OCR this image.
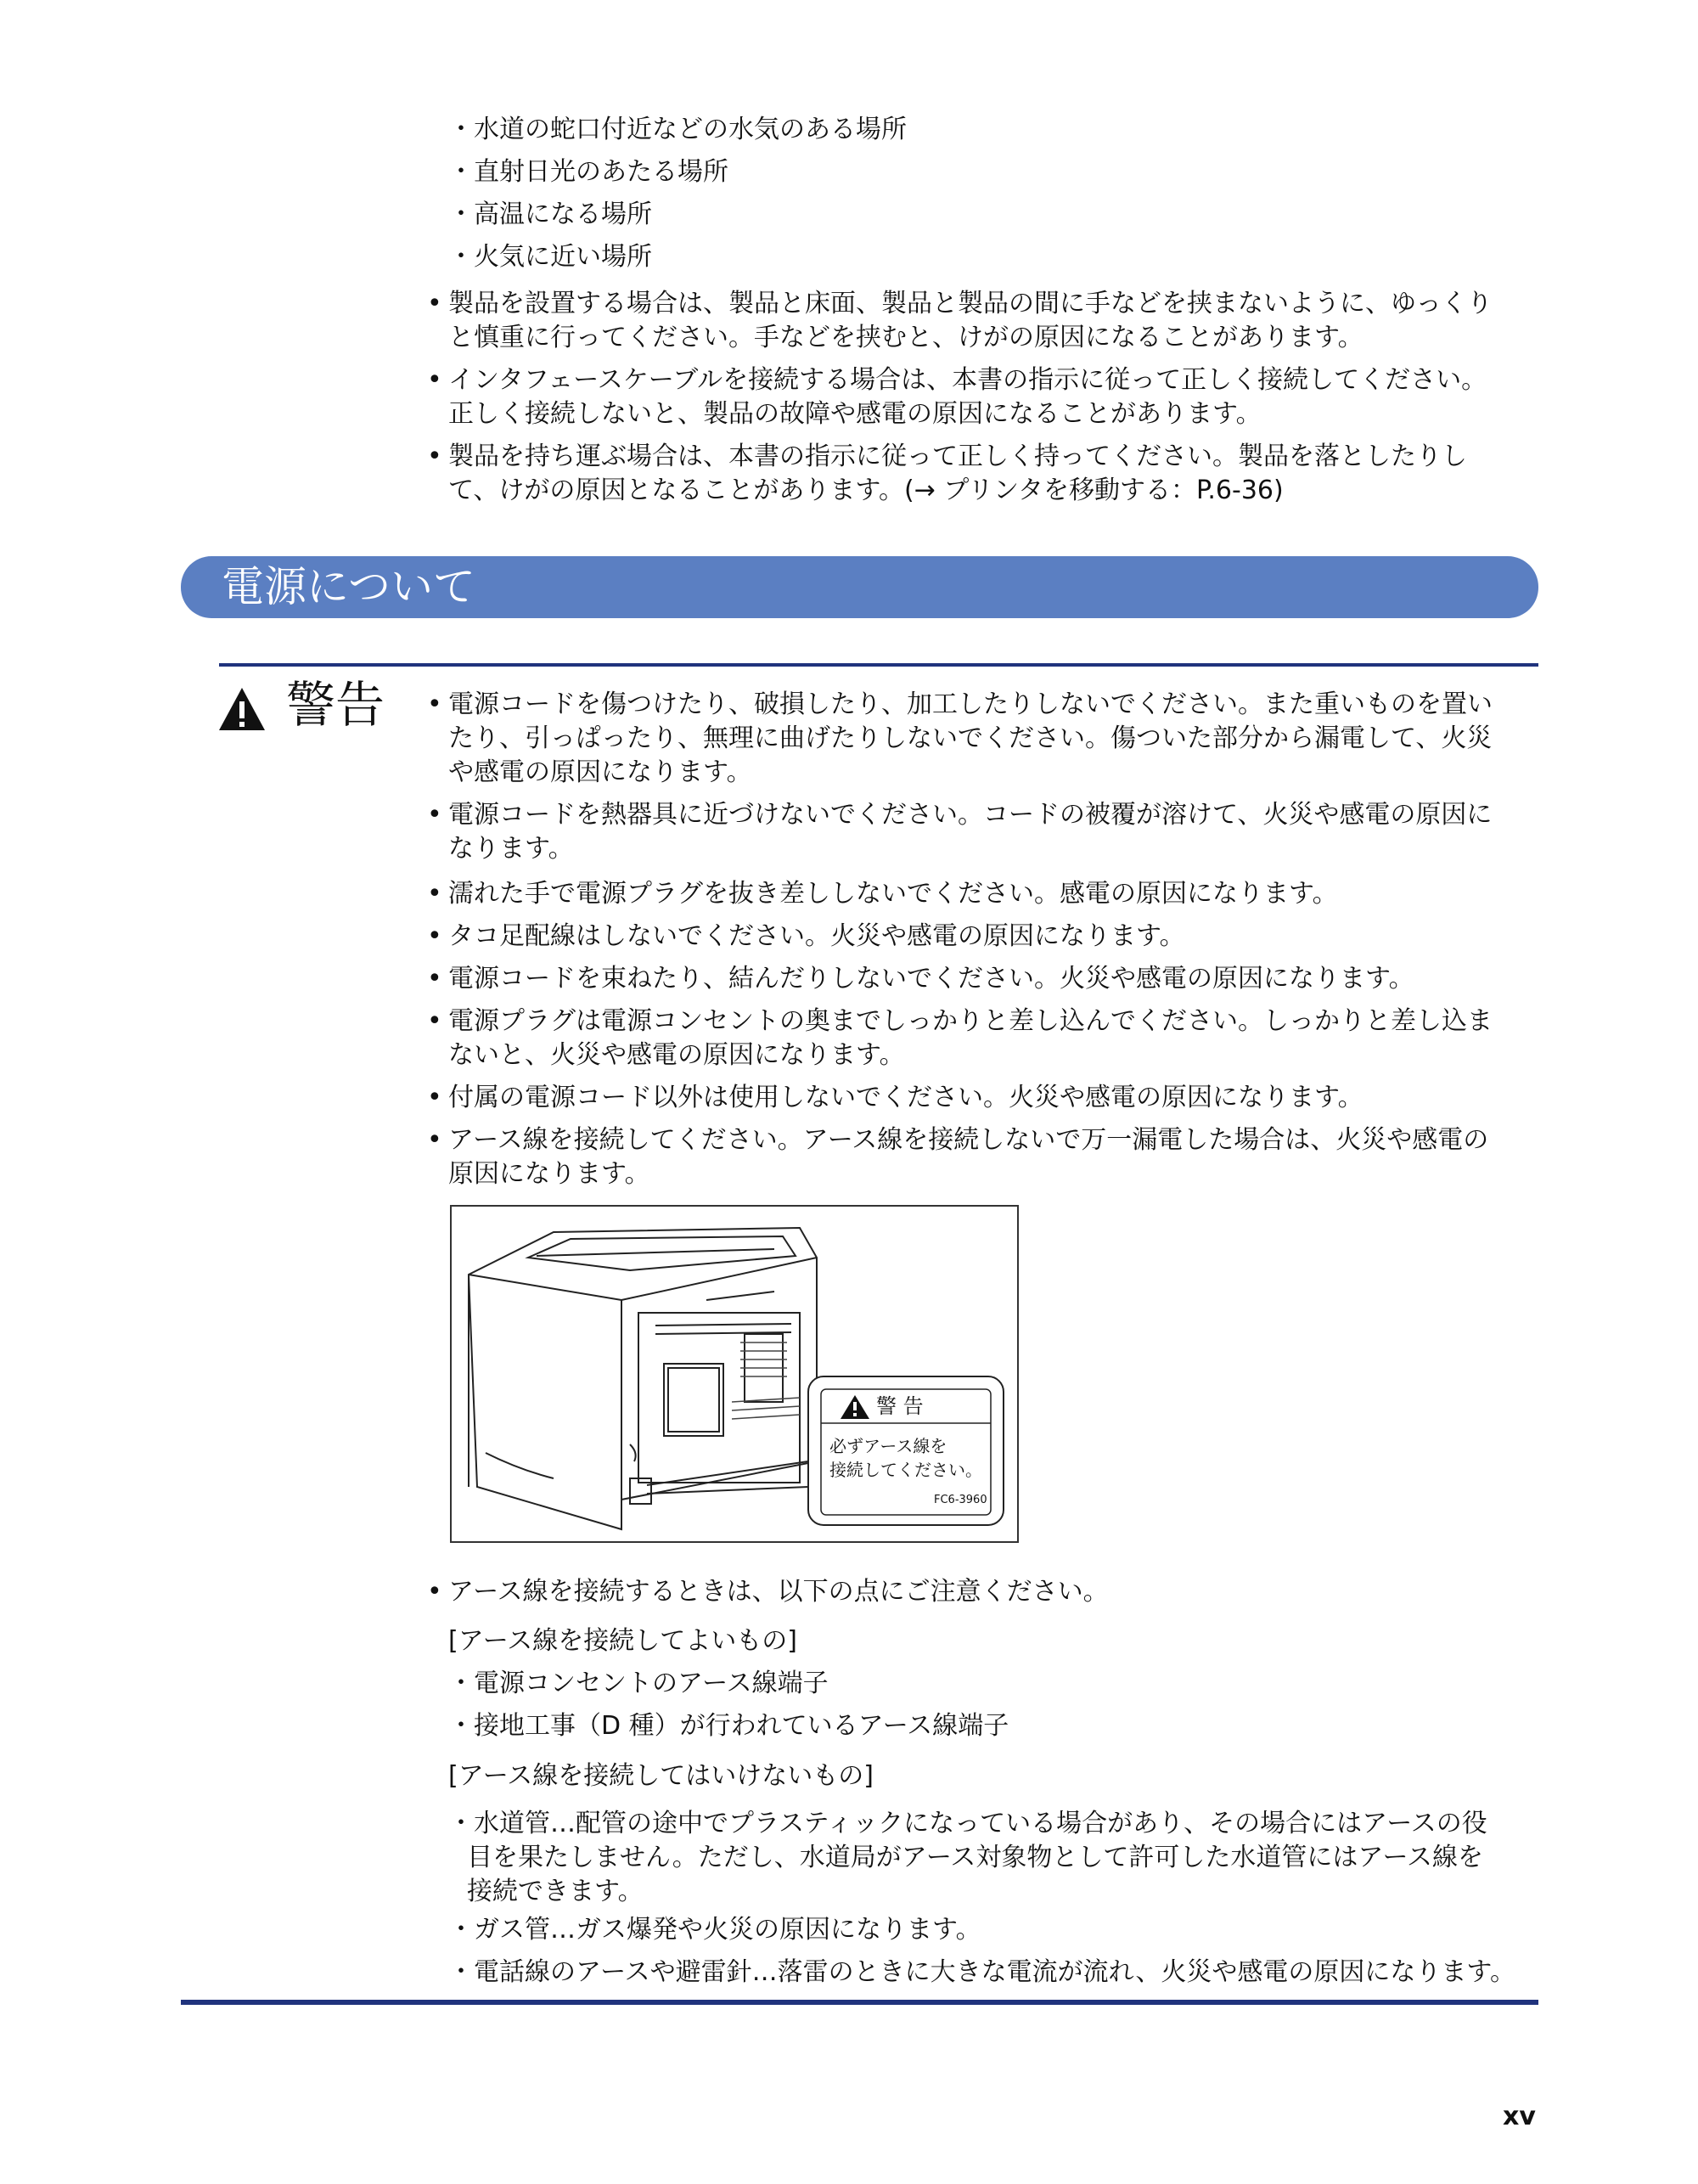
・水道の蛇口付近などの水気のある場所
・直射日光のあたる場所
・高温になる場所
・火気に近い場所
• 製品を設置する場合は、製品と床面、製品と製品の間に手などを挟まないように、ゆっくり
と慎重に行ってください。手などを挟むと、けがの原因になることがあります。
• インタフェースケーブルを接続する場合は、本書の指示に従って正しく接続してください。
正しく接続しないと、製品の故障や感電の原因になることがあります。
• 製品を持ち運ぶ場合は、本書の指示に従って正しく持ってください。製品を落としたりし
て、けがの原因となることがあります。(→ プリンタを移動する：P.6-36)
電源について
警告 • 電源コードを傷つけたり、破損したり、加工したりしないでください。また重いものを置い
たり、引っぱったり、無理に曲げたりしないでください。傷ついた部分から漏電して、火災
や感電の原因になります。
• 電源コードを熱器具に近づけないでください。コードの被覆が溶けて、火災や感電の原因に
なります。
• 濡れた手で電源プラグを抜き差ししないでください。感電の原因になります。
• タコ足配線はしないでください。火災や感電の原因になります。
• 電源コードを束ねたり、結んだりしないでください。火災や感電の原因になります。
• 電源プラグは電源コンセントの奥までしっかりと差し込んでください。しっかりと差し込ま
ないと、火災や感電の原因になります。
• 付属の電源コード以外は使用しないでください。火災や感電の原因になります。
• アース線を接続してください。アース線を接続しないで万一漏電した場合は、火災や感電の
原因になります。
警 告
必ずアース線を
接続してください。
FC6-3960
• アース線を接続するときは、以下の点にご注意ください。
[アース線を接続してよいもの]
・電源コンセントのアース線端子
・接地工事（D 種）が行われているアース線端子
[アース線を接続してはいけないもの]
・水道管…配管の途中でプラスティックになっている場合があり、その場合にはアースの役
目を果たしません。ただし、水道局がアース対象物として許可した水道管にはアース線を
接続できます。
・ガス管…ガス爆発や火災の原因になります。
・電話線のアースや避雷針…落雷のときに大きな電流が流れ、火災や感電の原因になります。
xv
